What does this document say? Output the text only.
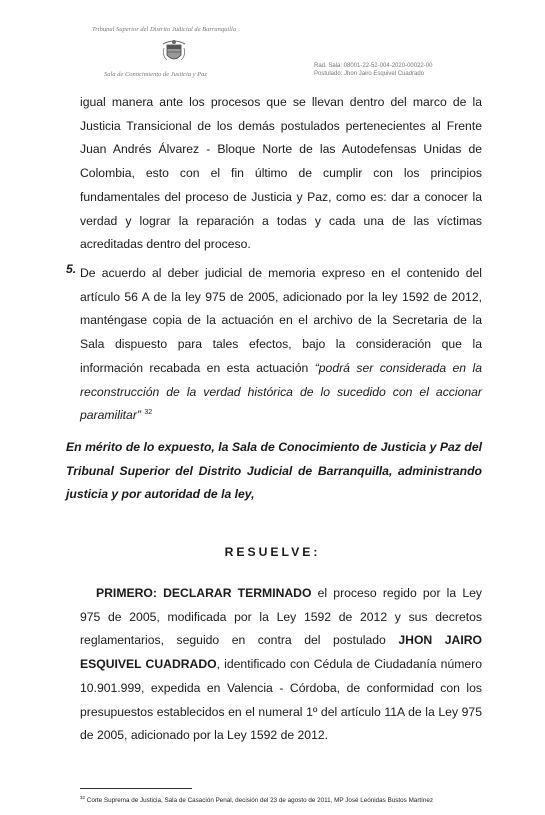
Tribunal Superior del Distrito Judicial de Barranquilla
Sala de Conocimiento de Justicia y Paz
Rad. Sala: 08001-22-52-004-2020-00022-00
Postulado: Jhon Jairo Esquivel Cuadrado
igual manera ante los procesos que se llevan dentro del marco de la Justicia Transicional de los demás postulados pertenecientes al Frente Juan Andrés Álvarez - Bloque Norte de las Autodefensas Unidas de Colombia, esto con el fin último de cumplir con los principios fundamentales del proceso de Justicia y Paz, como es: dar a conocer la verdad y lograr la reparación a todas y cada una de las víctimas acreditadas dentro del proceso.
5. De acuerdo al deber judicial de memoria expreso en el contenido del artículo 56 A de la ley 975 de 2005, adicionado por la ley 1592 de 2012, manténgase copia de la actuación en el archivo de la Secretaria de la Sala dispuesto para tales efectos, bajo la consideración que la información recabada en esta actuación “podrá ser considerada en la reconstrucción de la verdad histórica de lo sucedido con el accionar paramilitar” $^{32}$
En mérito de lo expuesto, la Sala de Conocimiento de Justicia y Paz del Tribunal Superior del Distrito Judicial de Barranquilla, administrando justicia y por autoridad de la ley,
RESUELVE:
PRIMERO: DECLARAR TERMINADO el proceso regido por la Ley 975 de 2005, modificada por la Ley 1592 de 2012 y sus decretos reglamentarios, seguido en contra del postulado JHON JAIRO ESQUIVEL CUADRADO, identificado con Cédula de Ciudadanía número 10.901.999, expedida en Valencia - Córdoba, de conformidad con los presupuestos establecidos en el numeral 1º del artículo 11A de la Ley 975 de 2005, adicionado por la Ley 1592 de 2012.
$^{32}$ Corte Suprema de Justicia, Sala de Casación Penal, decisión del 23 de agosto de 2011, MP José Leónidas Bustos Martínez
